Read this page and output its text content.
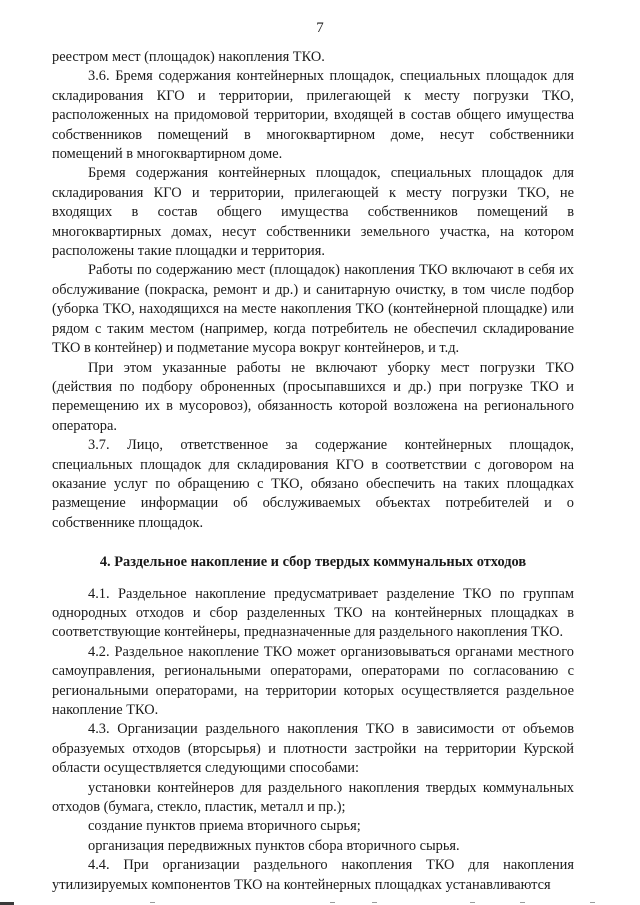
7

реестром мест (площадок) накопления ТКО.

3.6. Бремя содержания контейнерных площадок, специальных площадок для складирования КГО и территории, прилегающей к месту погрузки ТКО, расположенных на придомовой территории, входящей в состав общего имущества собственников помещений в многоквартирном доме, несут собственники помещений в многоквартирном доме.

Бремя содержания контейнерных площадок, специальных площадок для складирования КГО и территории, прилегающей к месту погрузки ТКО, не входящих в состав общего имущества собственников помещений в многоквартирных домах, несут собственники земельного участка, на котором расположены такие площадки и территория.

Работы по содержанию мест (площадок) накопления ТКО включают в себя их обслуживание (покраска, ремонт и др.) и санитарную очистку, в том числе подбор (уборка ТКО, находящихся на месте накопления ТКО (контейнерной площадке) или рядом с таким местом (например, когда потребитель не обеспечил складирование ТКО в контейнер) и подметание мусора вокруг контейнеров, и т.д.

При этом указанные работы не включают уборку мест погрузки ТКО (действия по подбору оброненных (просыпавшихся и др.) при погрузке ТКО и перемещению их в мусоровоз), обязанность которой возложена на регионального оператора.

3.7. Лицо, ответственное за содержание контейнерных площадок, специальных площадок для складирования КГО в соответствии с договором на оказание услуг по обращению с ТКО, обязано обеспечить на таких площадках размещение информации об обслуживаемых объектах потребителей и о собственнике площадок.

4. Раздельное накопление и сбор твердых коммунальных отходов

4.1. Раздельное накопление предусматривает разделение ТКО по группам однородных отходов и сбор разделенных ТКО на контейнерных площадках в соответствующие контейнеры, предназначенные для раздельного накопления ТКО.

4.2. Раздельное накопление ТКО может организовываться органами местного самоуправления, региональными операторами, операторами по согласованию с региональными операторами, на территории которых осуществляется раздельное накопление ТКО.

4.3. Организации раздельного накопления ТКО в зависимости от объемов образуемых отходов (вторсырья) и плотности застройки на территории Курской области осуществляется следующими способами:

установки контейнеров для раздельного накопления твердых коммунальных отходов (бумага, стекло, пластик, металл и пр.);

создание пунктов приема вторичного сырья;

организация передвижных пунктов сбора вторичного сырья.

4.4. При организации раздельного накопления ТКО для накопления утилизируемых компонентов ТКО на контейнерных площадках устанавливаются
